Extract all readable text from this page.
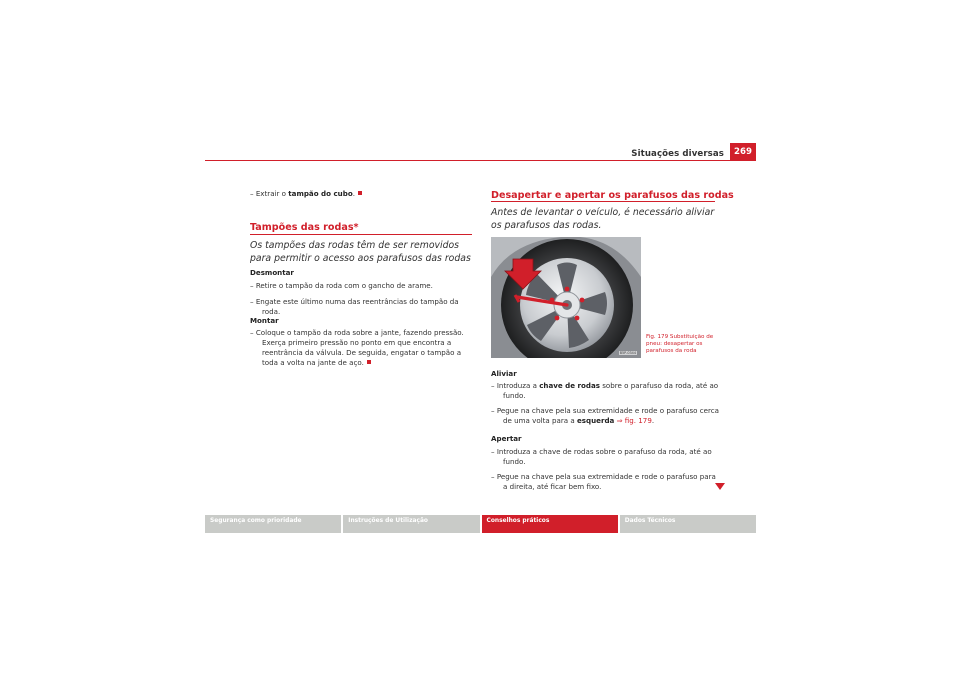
Situações diversas	269
– Extrair o tampão do cubo.
Tampões das rodas*
Os tampões das rodas têm de ser removidos para permitir o acesso aos parafusos das rodas
Desmontar
– Retire o tampão da roda com o gancho de arame.
– Engate este último numa das reentrâncias do tampão da roda.
Montar
– Coloque o tampão da roda sobre a jante, fazendo pressão. Exerça primeiro pressão no ponto em que encontra a reentrância da válvula. De seguida, engatar o tampão a toda a volta na jante de aço.
Desapertar e apertar os parafusos das rodas
Antes de levantar o veículo, é necessário aliviar os parafusos das rodas.
B5P-0344
Fig. 179 Substituição de pneu: desapertar os parafusos da roda
Aliviar
– Introduza a chave de rodas sobre o parafuso da roda, até ao fundo.
– Pegue na chave pela sua extremidade e rode o parafuso cerca de uma volta para a esquerda ⇒ fig. 179.
Apertar
– Introduza a chave de rodas sobre o parafuso da roda, até ao fundo.
– Pegue na chave pela sua extremidade e rode o parafuso para a direita, até ficar bem fixo.
Segurança como prioridade	Instruções de Utilização	Conselhos práticos	Dados Técnicos
